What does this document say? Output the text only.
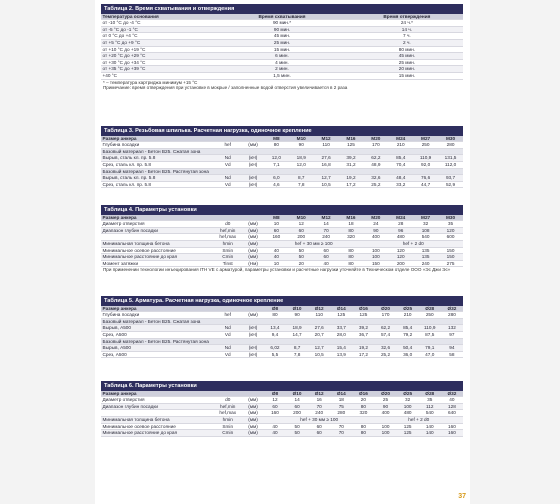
Таблица 2. Время схватывания и отверждения
Температура основания	Время схватывания	Время отверждения
от -10 °С до -4 °С	90 мин.*	24 ч.*
от -5 °С до -1 °С	90 мин.	14 ч.
от 0 °С до +4 °С	45 мин.	7 ч.
от +5 °С до +9 °С	25 мин.	2 ч.
от +10 °С до +19 °С	15 мин.	80 мин.
от +20 °С до +29 °С	6 мин.	45 мин.
от +30 °С до +34 °С	4 мин.	25 мин.
от +35 °С до +39 °С	2 мин.	20 мин.
+40 °С	1,5 мин.	15 мин.
* – температура картриджа минимум +15 °С
Примечание: время отверждения при установке в мокрые / заполненные водой отверстия увеличивается в 2 раза
Таблица 3. Резьбовая шпилька. Расчетная нагрузка, одиночное крепление
Размер анкера			M8	M10	M12	M16	M20	M24	M27	M30
Глубина посадки	hef	(мм)	80	90	110	125	170	210	250	280
Базовый материал - Бетон B25. Сжатая зона										
Вырыв, сталь кл. пр. 5.8	Nd	(кН)	12,0	18,9	27,6	39,2	62,2	85,4	110,9	131,5
Срез, сталь кл. пр. 5.8	Vd	(кН)	7,1	12,0	16,8	31,2	48,9	70,4	92,0	112,0
Базовый материал - Бетон B25. Растянутая зона										
Вырыв, сталь кл. пр. 5.8	Nd	(кН)	6,0	8,7	12,7	19,2	32,6	48,4	76,6	93,7
Срез, сталь кл. пр. 5.8	Vd	(кН)	4,6	7,8	10,5	17,2	25,2	33,2	44,7	52,9
Таблица 4. Параметры установки
Размер анкера			M8	M10	M12	M16	M20	M24	M27	M30
Диаметр отверстия	d0	(мм)	10	12	14	18	24	28	32	35
Диапазон глубин посадки	hef,min	(мм)	60	60	70	80	90	96	108	120
	hef,max	(мм)	160	200	240	320	400	480	540	600
Минимальная толщина бетона	hmin	(мм)	hef + 30 мм ≥ 100				hef + 2 d0			
Минимальное осевое расстояние	Smin	(мм)	40	50	60	80	100	120	135	150
Минимальное расстояние до края	Cmin	(мм)	40	50	60	80	100	120	135	150
Момент затяжки	Tinst	(Нм)	10	20	40	80	150	200	240	275
При применении технологии инъецирования ITH VE с арматурой, параметры установки и расчетные нагрузки уточняйте в Техническом отделе ООО «Эс Джи Эс»
Таблица 5. Арматура. Расчетная нагрузка, одиночное крепление
Размер анкера			Ø8	Ø10	Ø12	Ø14	Ø16	Ø20	Ø25	Ø28	Ø32
Глубина посадки	hef	(мм)	80	90	110	125	125	170	210	250	280
Базовый материал - Бетон B25. Сжатая зона											
Вырыв, А500	Nd	(кН)	13,4	18,9	27,6	33,7	39,2	62,2	85,4	110,9	132
Срез, А500	Vd	(кН)	9,4	14,7	20,7	28,0	36,7	57,4	79,2	87,5	97
Базовый материал - Бетон B25. Растянутая зона											
Вырыв, А500	Nd	(кН)	6,02	8,7	12,7	15,4	19,2	32,6	50,4	79,1	94
Срез, А500	Vd	(кН)	5,5	7,8	10,5	13,9	17,2	25,2	36,0	47,0	58
Таблица 6. Параметры установки
Размер анкера			Ø8	Ø10	Ø12	Ø14	Ø16	Ø20	Ø25	Ø28	Ø32
Диаметр отверстия	d0	(мм)	12	14	16	18	20	25	32	35	40
Диапазон глубин посадки	hef,min	(мм)	60	60	70	75	80	90	100	112	128
	hef,max	(мм)	160	200	240	280	320	400	480	540	640
Минимальная толщина бетона	hmin	(мм)	hef + 30 мм ≥ 100					hef + 2 d0			
Минимальное осевое расстояние	Smin	(мм)	40	50	60	70	80	100	125	140	160
Минимальное расстояние до края	Cmin	(мм)	40	50	60	70	80	100	125	140	160
37
